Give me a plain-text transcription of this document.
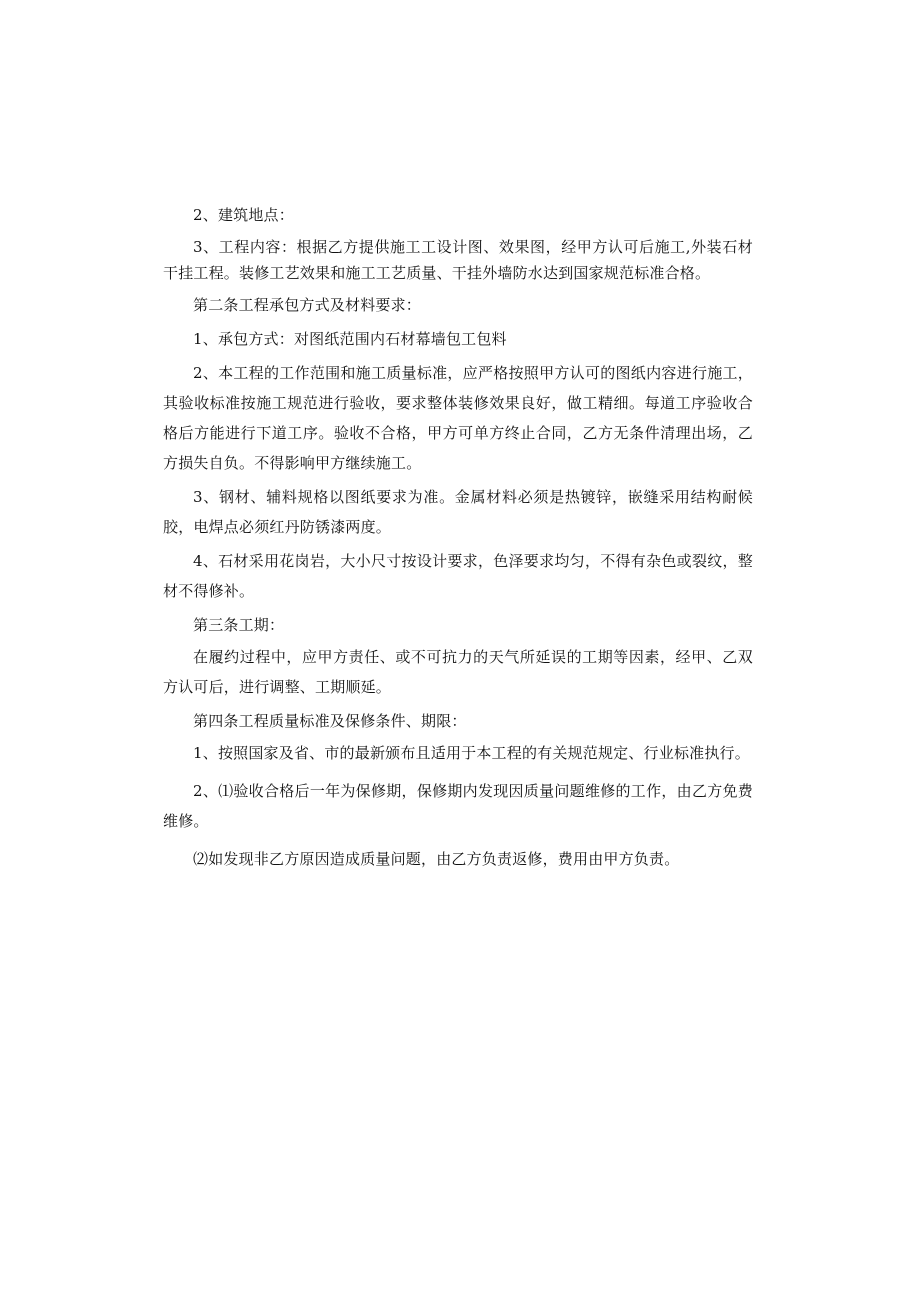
2、建筑地点：

3、工程内容：根据乙方提供施工工设计图、效果图，经甲方认可后施工,外装石材干挂工程。装修工艺效果和施工工艺质量、干挂外墙防水达到国家规范标准合格。

第二条工程承包方式及材料要求：

1、承包方式：对图纸范围内石材幕墙包工包料

2、本工程的工作范围和施工质量标准，应严格按照甲方认可的图纸内容进行施工，其验收标准按施工规范进行验收，要求整体装修效果良好，做工精细。每道工序验收合格后方能进行下道工序。验收不合格，甲方可单方终止合同，乙方无条件清理出场，乙方损失自负。不得影响甲方继续施工。

3、钢材、辅料规格以图纸要求为准。金属材料必须是热镀锌，嵌缝采用结构耐候胶，电焊点必须红丹防锈漆两度。

4、石材采用花岗岩，大小尺寸按设计要求，色泽要求均匀，不得有杂色或裂纹，整材不得修补。

第三条工期：

在履约过程中，应甲方责任、或不可抗力的天气所延误的工期等因素，经甲、乙双方认可后，进行调整、工期顺延。

第四条工程质量标准及保修条件、期限：

1、按照国家及省、市的最新颁布且适用于本工程的有关规范规定、行业标准执行。

2、⑴验收合格后一年为保修期，保修期内发现因质量问题维修的工作，由乙方免费维修。

⑵如发现非乙方原因造成质量问题，由乙方负责返修，费用由甲方负责。
